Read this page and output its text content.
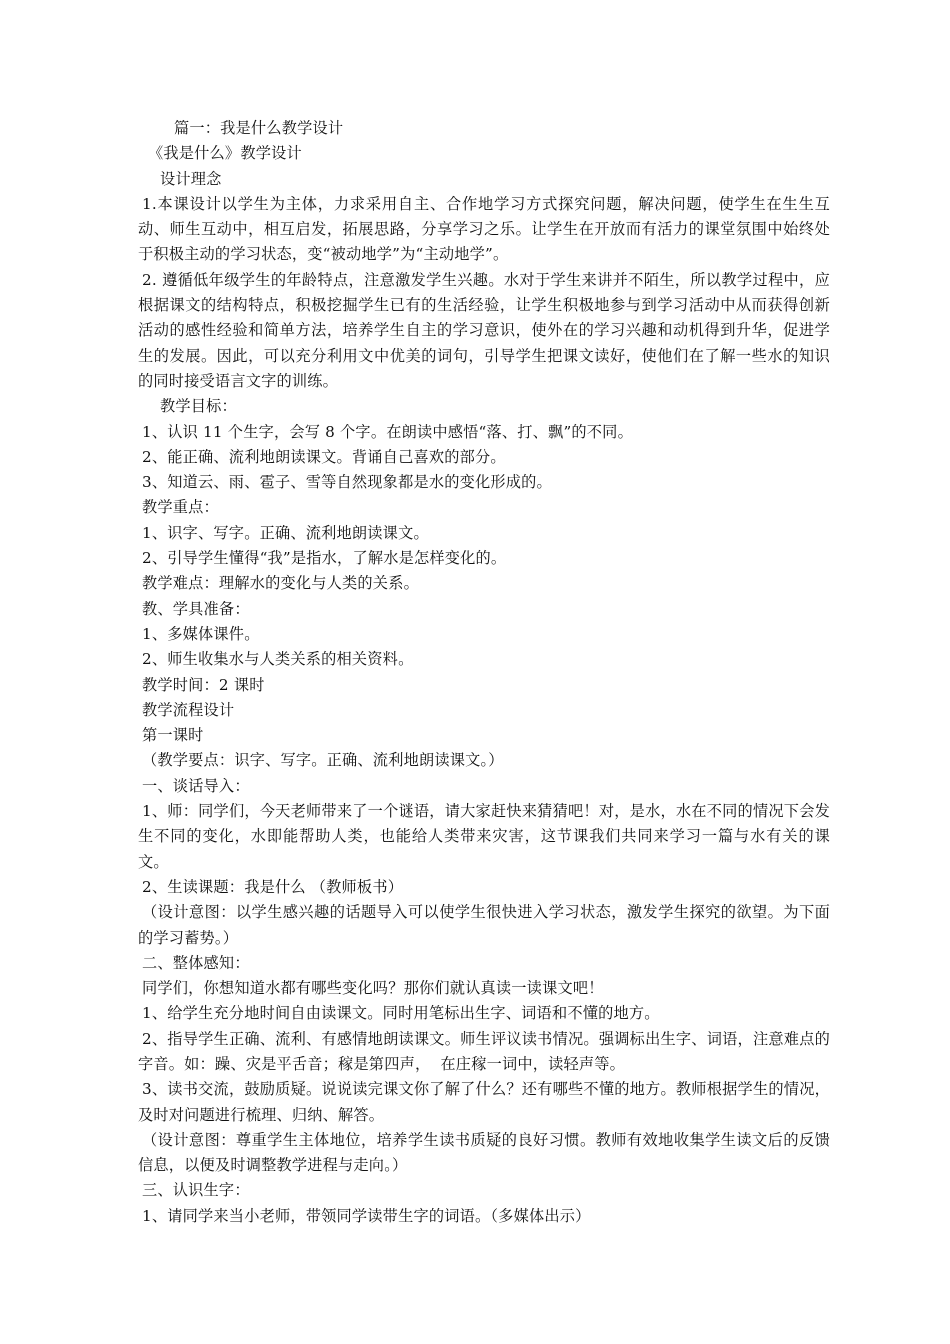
篇一：我是什么教学设计
《我是什么》教学设计
设计理念
1.本课设计以学生为主体，力求采用自主、合作地学习方式探究问题，解决问题，使学生在生生互动、师生互动中，相互启发，拓展思路，分享学习之乐。让学生在开放而有活力的课堂氛围中始终处于积极主动的学习状态，变“被动地学”为“主动地学”。
2. 遵循低年级学生的年龄特点，注意激发学生兴趣。水对于学生来讲并不陌生，所以教学过程中，应根据课文的结构特点，积极挖掘学生已有的生活经验，让学生积极地参与到学习活动中从而获得创新活动的感性经验和简单方法，培养学生自主的学习意识，使外在的学习兴趣和动机得到升华，促进学生的发展。因此，可以充分利用文中优美的词句，引导学生把课文读好，使他们在了解一些水的知识的同时接受语言文字的训练。
教学目标：
1、认识 11 个生字，会写 8 个字。在朗读中感悟“落、打、飘”的不同。
2、能正确、流利地朗读课文。背诵自己喜欢的部分。
3、知道云、雨、雹子、雪等自然现象都是水的变化形成的。
教学重点：
1、识字、写字。正确、流利地朗读课文。
2、引导学生懂得“我”是指水，了解水是怎样变化的。
教学难点：理解水的变化与人类的关系。
教、学具准备：
1、多媒体课件。
2、师生收集水与人类关系的相关资料。
教学时间：2 课时
教学流程设计
第一课时
（教学要点：识字、写字。正确、流利地朗读课文。）
一、谈话导入：
1、师：同学们，今天老师带来了一个谜语，请大家赶快来猜猜吧！对，是水，水在不同的情况下会发生不同的变化，水即能帮助人类，也能给人类带来灾害，这节课我们共同来学习一篇与水有关的课文。
2、生读课题：我是什么 （教师板书）
（设计意图：以学生感兴趣的话题导入可以使学生很快进入学习状态，激发学生探究的欲望。为下面的学习蓄势。）
二、整体感知：
同学们，你想知道水都有哪些变化吗？那你们就认真读一读课文吧！
1、给学生充分地时间自由读课文。同时用笔标出生字、词语和不懂的地方。
2、指导学生正确、流利、有感情地朗读课文。师生评议读书情况。强调标出生字、词语，注意难点的字音。如：躁、灾是平舌音；稼是第四声，  在庄稼一词中，读轻声等。
3、读书交流，鼓励质疑。说说读完课文你了解了什么？还有哪些不懂的地方。教师根据学生的情况，及时对问题进行梳理、归纳、解答。
（设计意图：尊重学生主体地位，培养学生读书质疑的良好习惯。教师有效地收集学生读文后的反馈信息，以便及时调整教学进程与走向。）
三、认识生字：
1、请同学来当小老师，带领同学读带生字的词语。（多媒体出示）
